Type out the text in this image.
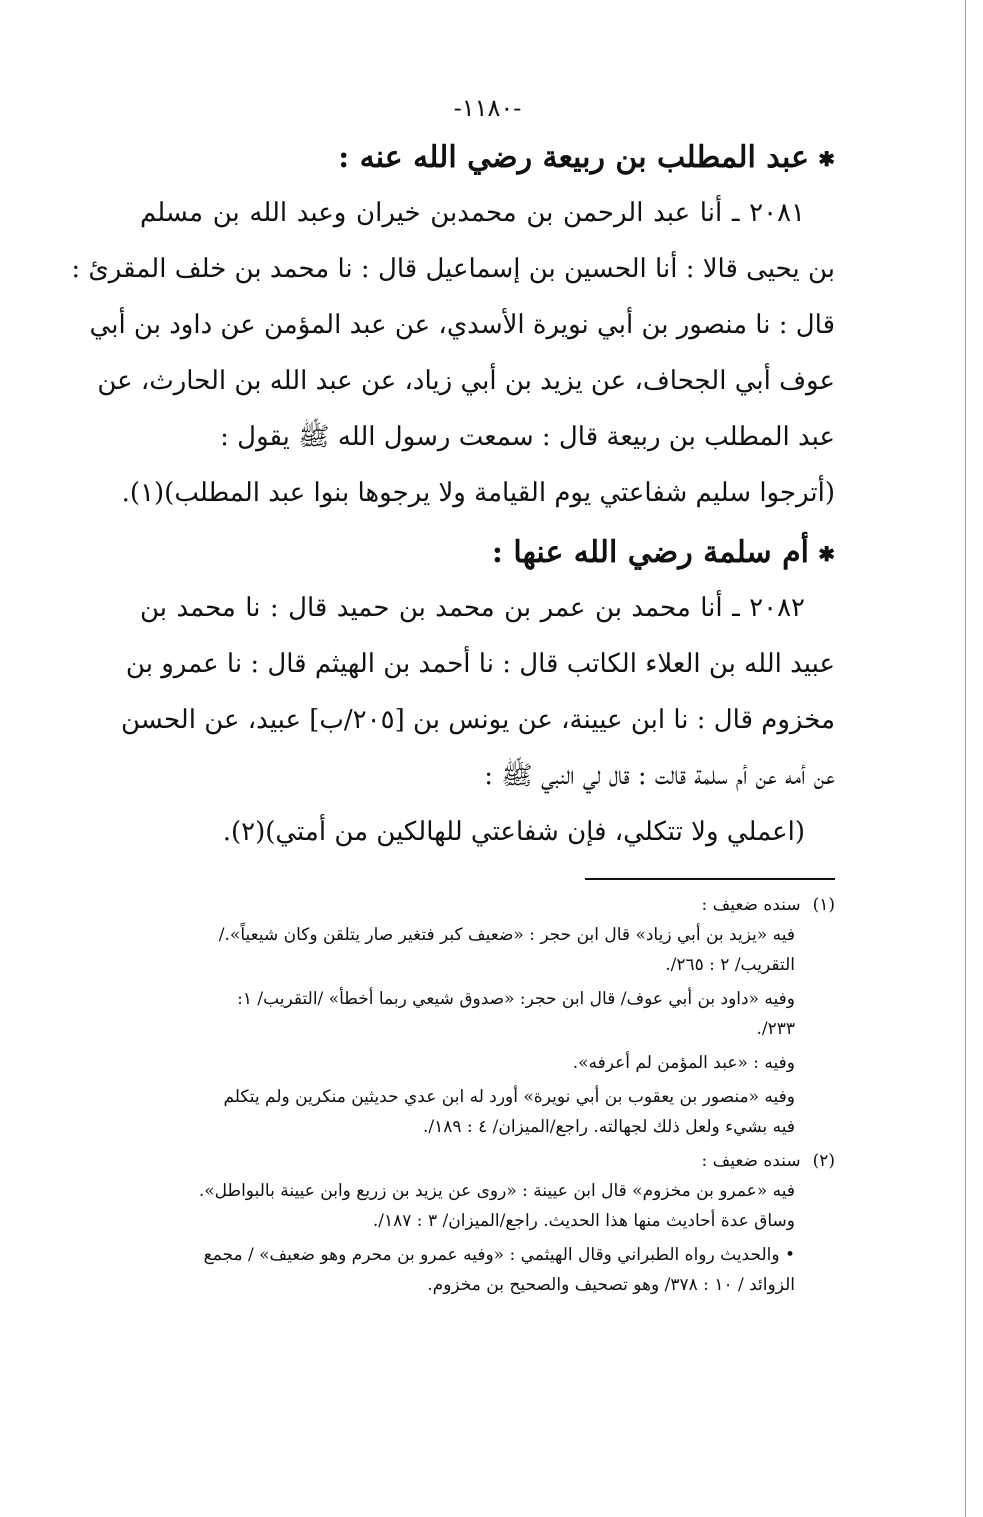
-١١٨٠-

✱عبد المطلب بن ربيعة رضي الله عنه :

٢٠٨١ ـ أنا عبد الرحمن بن محمدبن خيران وعبد الله بن مسلم

بن يحيى قالا : أنا الحسين بن إسماعيل قال : نا محمد بن خلف المقرئ :

قال : نا منصور بن أبي نويرة الأسدي، عن عبد المؤمن عن داود بن أبي

عوف أبي الجحاف، عن يزيد بن أبي زياد، عن عبد الله بن الحارث، عن

عبد المطلب بن ربيعة قال : سمعت رسول الله ﷺ يقول :

(أترجوا سليم شفاعتي يوم القيامة ولا يرجوها بنوا عبد المطلب)(١).

✱أم سلمة رضي الله عنها :

٢٠٨٢ ـ أنا محمد بن عمر بن محمد بن حميد قال : نا محمد بن

عبيد الله بن العلاء الكاتب قال : نا أحمد بن الهيثم قال : نا عمرو بن

مخزوم قال : نا ابن عيينة، عن يونس بن [٢٠٥/ب] عبيد، عن الحسن

عن أمه عن أم سلمة قالت : قال لي النبي ﷺ :

(اعملي ولا تتكلي، فإن شفاعتي للهالكين من أمتي)(٢).

(١)سنده ضعيف :

فيه «يزيد بن أبي زياد» قال ابن حجر : «ضعيف كبر فتغير صار يتلقن وكان شيعياً»./

التقريب/ ٢ : ٢٦٥/.

وفيه «داود بن أبي عوف/ قال ابن حجر: «صدوق شيعي ربما أخطأ» /التقريب/ ١:

٢٣٣/.

وفيه : «عبد المؤمن لم أعرفه».

وفيه «منصور بن يعقوب بن أبي نويرة» أورد له ابن عدي حديثين منكرين ولم يتكلم

فيه بشيء ولعل ذلك لجهالته. راجع/الميزان/ ٤ : ١٨٩/.

(٢)سنده ضعيف :

فيه «عمرو بن مخزوم» قال ابن عيينة : «روى عن يزيد بن زريع وابن عيينة بالبواطل».

وساق عدة أحاديث منها هذا الحديث. راجع/الميزان/ ٣ : ١٨٧/.

• والحديث رواه الطبراني وقال الهيثمي : «وفيه عمرو بن محرم وهو ضعيف» / مجمع

الزوائد / ١٠ : ٣٧٨/ وهو تصحيف والصحيح بن مخزوم.
